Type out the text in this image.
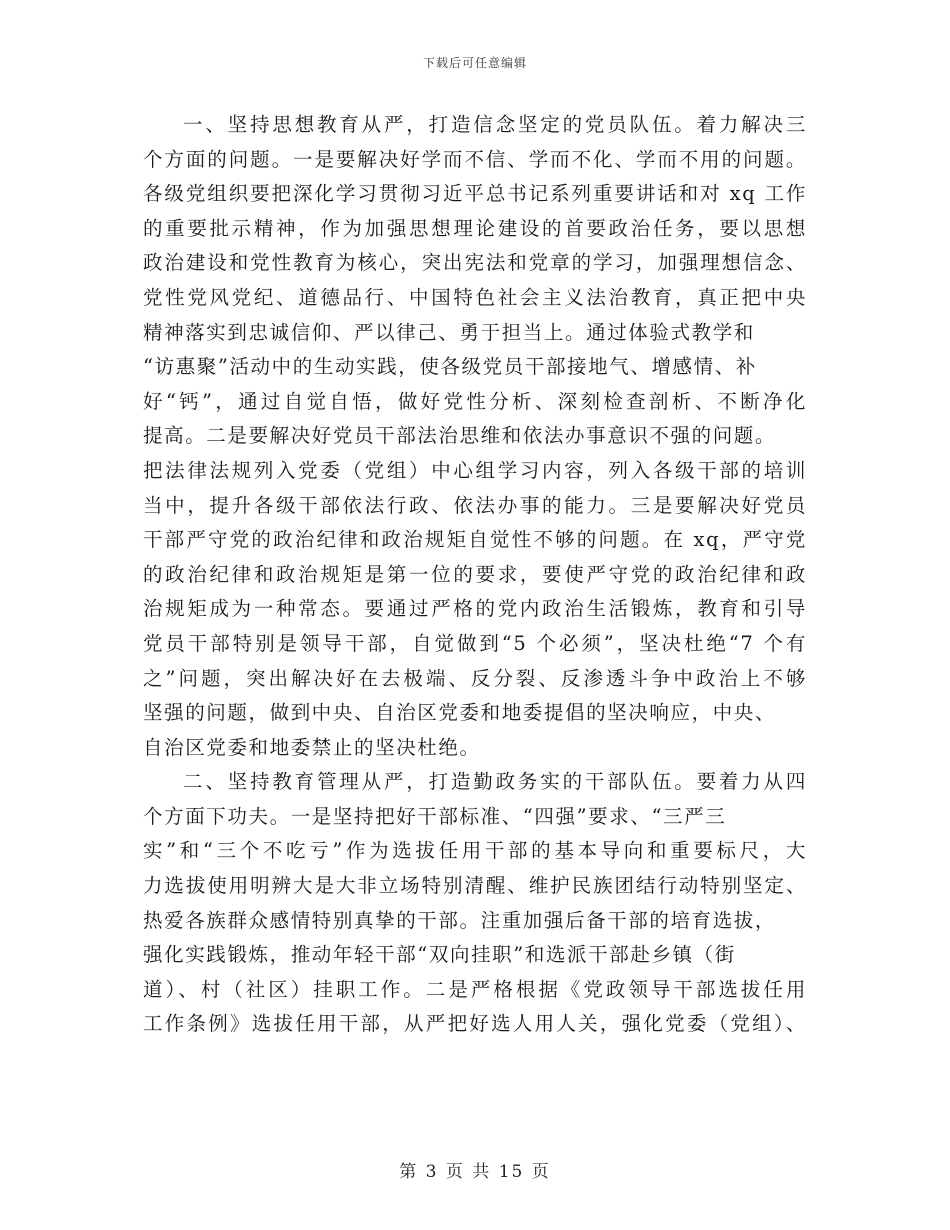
下载后可任意编辑
一、坚持思想教育从严，打造信念坚定的党员队伍。着力解决三
个方面的问题。一是要解决好学而不信、学而不化、学而不用的问题。
各级党组织要把深化学习贯彻习近平总书记系列重要讲话和对 xq 工作
的重要批示精神，作为加强思想理论建设的首要政治任务，要以思想
政治建设和党性教育为核心，突出宪法和党章的学习，加强理想信念、
党性党风党纪、道德品行、中国特色社会主义法治教育，真正把中央
精神落实到忠诚信仰、严以律己、勇于担当上。通过体验式教学和
“访惠聚”活动中的生动实践，使各级党员干部接地气、增感情、补
好“钙”，通过自觉自悟，做好党性分析、深刻检查剖析、不断净化
提高。二是要解决好党员干部法治思维和依法办事意识不强的问题。
把法律法规列入党委（党组）中心组学习内容，列入各级干部的培训
当中，提升各级干部依法行政、依法办事的能力。三是要解决好党员
干部严守党的政治纪律和政治规矩自觉性不够的问题。在 xq，严守党
的政治纪律和政治规矩是第一位的要求，要使严守党的政治纪律和政
治规矩成为一种常态。要通过严格的党内政治生活锻炼，教育和引导
党员干部特别是领导干部，自觉做到“5 个必须”，坚决杜绝“7 个有
之”问题，突出解决好在去极端、反分裂、反渗透斗争中政治上不够
坚强的问题，做到中央、自治区党委和地委提倡的坚决响应，中央、
自治区党委和地委禁止的坚决杜绝。
二、坚持教育管理从严，打造勤政务实的干部队伍。要着力从四
个方面下功夫。一是坚持把好干部标准、“四强”要求、“三严三
实”和“三个不吃亏”作为选拔任用干部的基本导向和重要标尺，大
力选拔使用明辨大是大非立场特别清醒、维护民族团结行动特别坚定、
热爱各族群众感情特别真挚的干部。注重加强后备干部的培育选拔，
强化实践锻炼，推动年轻干部“双向挂职”和选派干部赴乡镇（街
道）、村（社区）挂职工作。二是严格根据《党政领导干部选拔任用
工作条例》选拔任用干部，从严把好选人用人关，强化党委（党组）、
第 3 页 共 15 页
